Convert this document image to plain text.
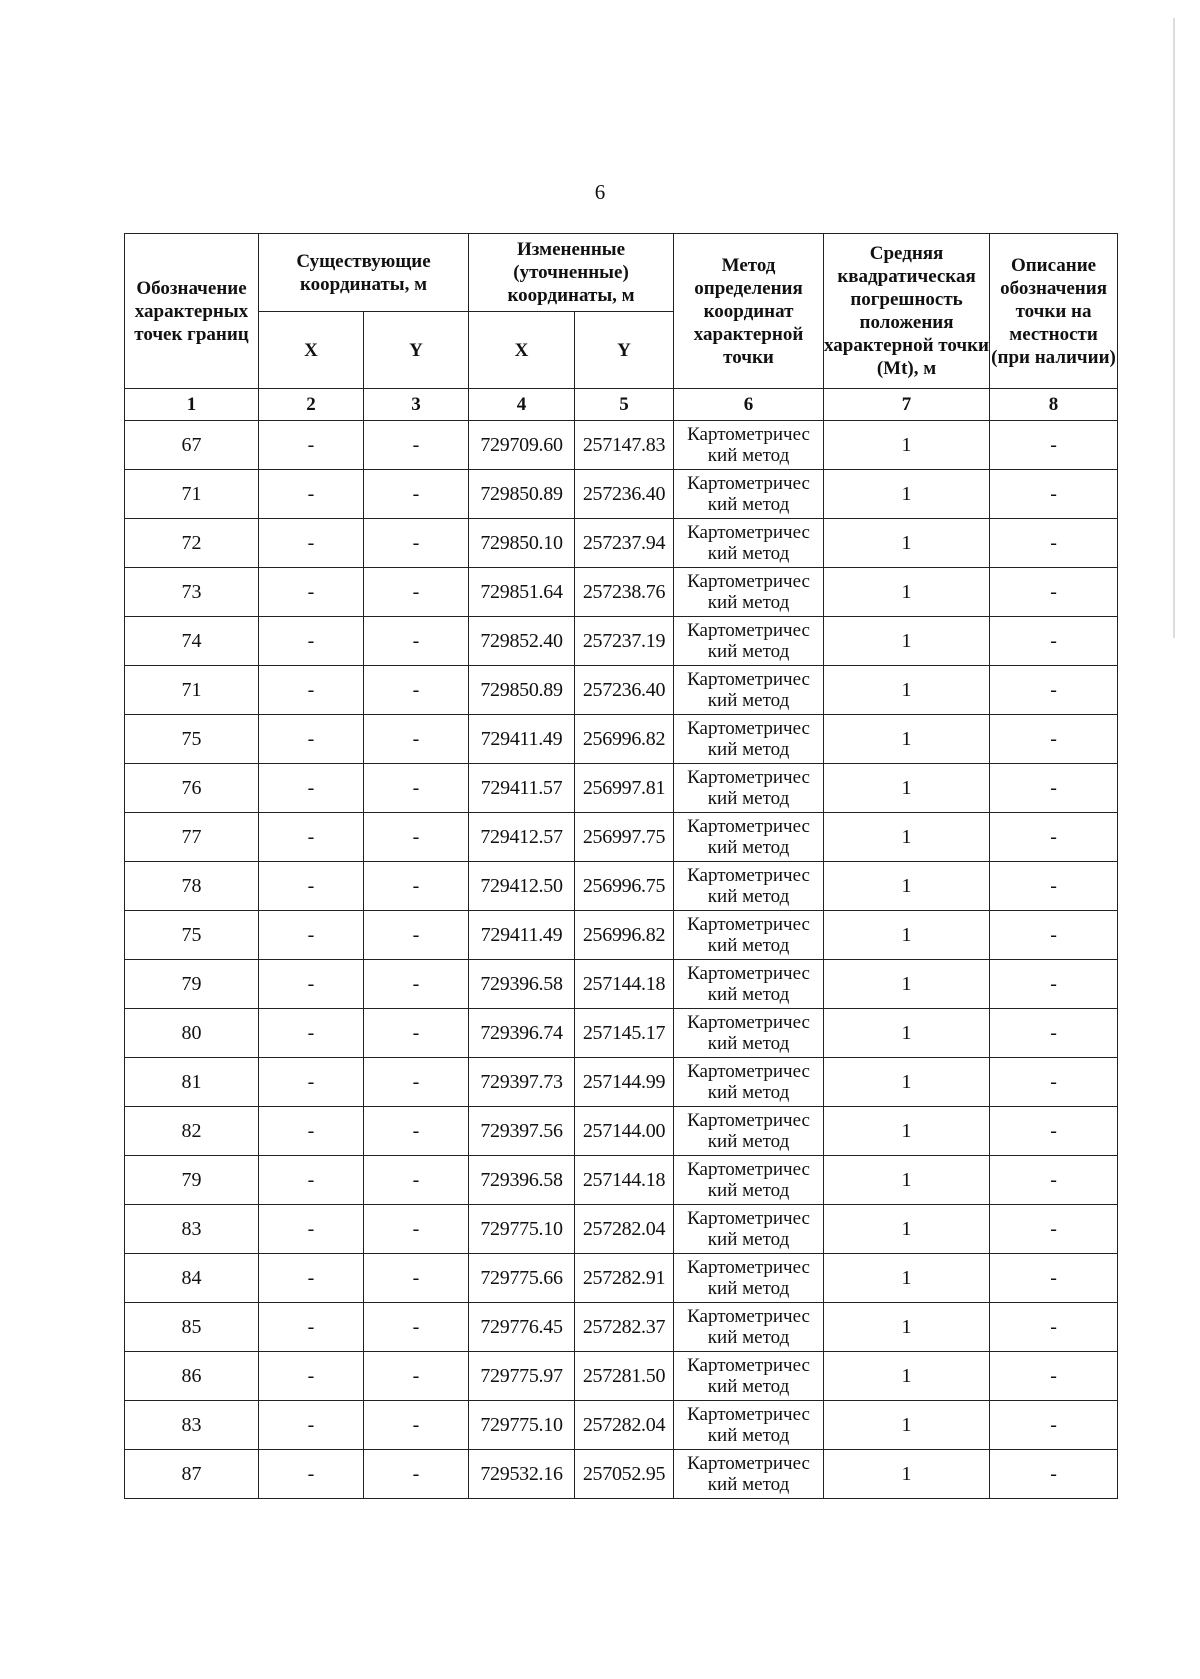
6
Обозначение характерных точек границ	Существующие координаты, м		Измененные (уточненные) координаты, м		Метод определения координат характерной точки	Средняя квадратическая погрешность положения характерной точки (Mt), м	Описание обозначения точки на местности (при наличии)
	X	Y	X	Y			
1	2	3	4	5	6	7	8
67	-	-	729709.60	257147.83	Картометричес кий метод	1	-
71	-	-	729850.89	257236.40	Картометричес кий метод	1	-
72	-	-	729850.10	257237.94	Картометричес кий метод	1	-
73	-	-	729851.64	257238.76	Картометричес кий метод	1	-
74	-	-	729852.40	257237.19	Картометричес кий метод	1	-
71	-	-	729850.89	257236.40	Картометричес кий метод	1	-
75	-	-	729411.49	256996.82	Картометричес кий метод	1	-
76	-	-	729411.57	256997.81	Картометричес кий метод	1	-
77	-	-	729412.57	256997.75	Картометричес кий метод	1	-
78	-	-	729412.50	256996.75	Картометричес кий метод	1	-
75	-	-	729411.49	256996.82	Картометричес кий метод	1	-
79	-	-	729396.58	257144.18	Картометричес кий метод	1	-
80	-	-	729396.74	257145.17	Картометричес кий метод	1	-
81	-	-	729397.73	257144.99	Картометричес кий метод	1	-
82	-	-	729397.56	257144.00	Картометричес кий метод	1	-
79	-	-	729396.58	257144.18	Картометричес кий метод	1	-
83	-	-	729775.10	257282.04	Картометричес кий метод	1	-
84	-	-	729775.66	257282.91	Картометричес кий метод	1	-
85	-	-	729776.45	257282.37	Картометричес кий метод	1	-
86	-	-	729775.97	257281.50	Картометричес кий метод	1	-
83	-	-	729775.10	257282.04	Картометричес кий метод	1	-
87	-	-	729532.16	257052.95	Картометричес кий метод	1	-
